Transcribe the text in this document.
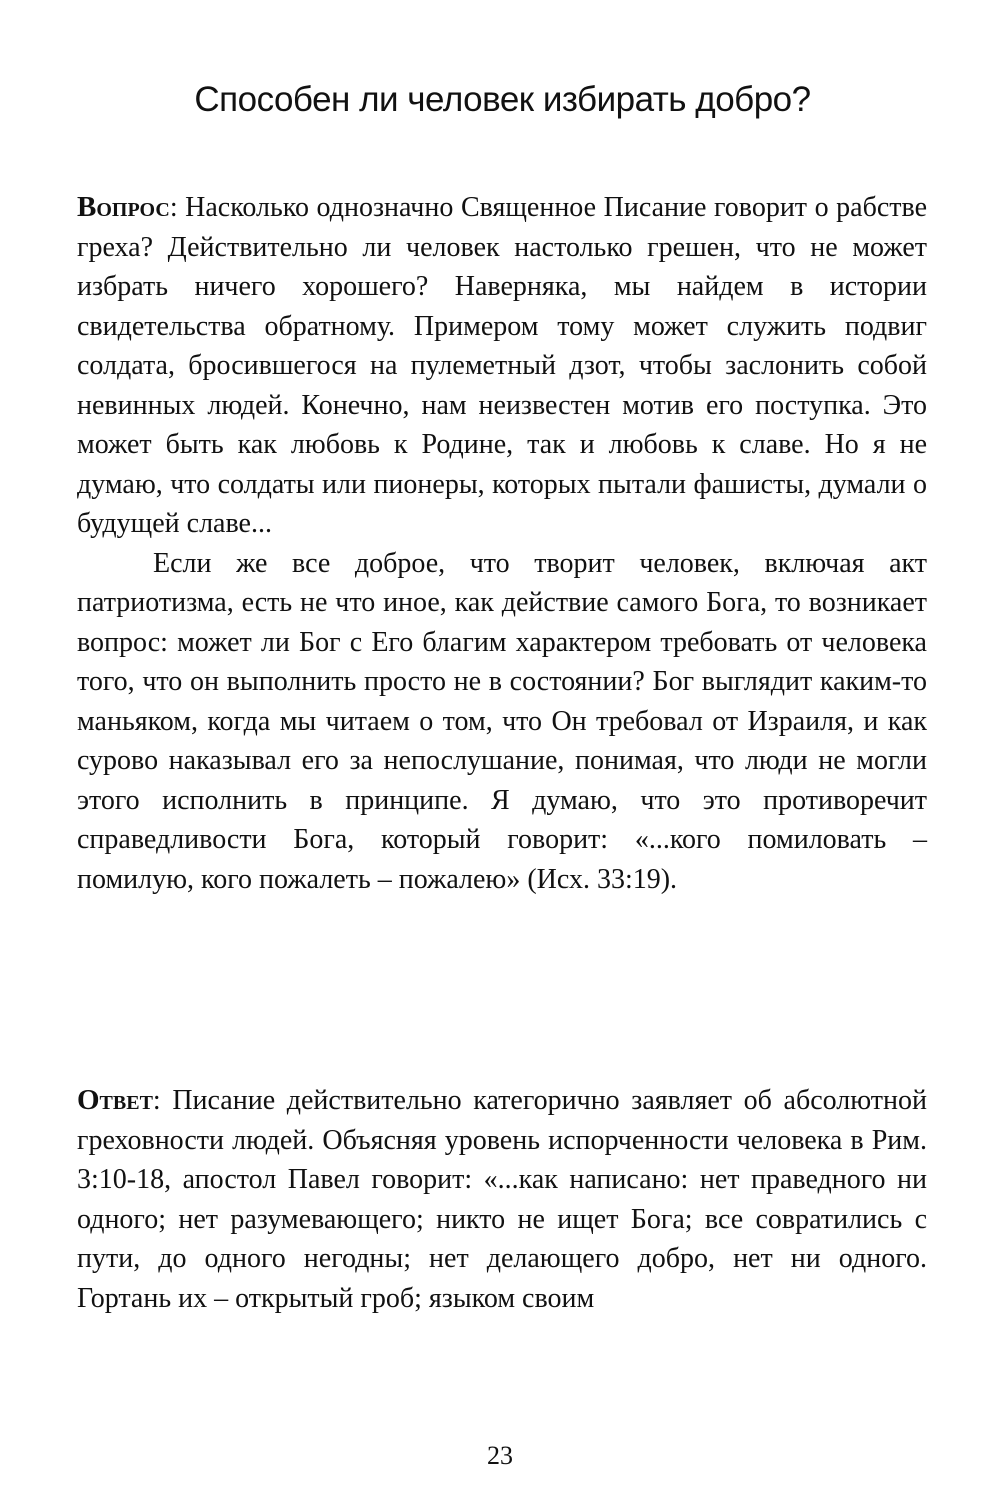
Способен ли человек избирать добро?

Вопрос: Насколько однозначно Священное Писание говорит о рабстве греха? Действительно ли человек настолько грешен, что не может избрать ничего хорошего? Наверняка, мы найдем в истории свидетельства обратному. Примером тому может служить подвиг солдата, бросившегося на пулеметный дзот, чтобы заслонить собой невинных людей. Конечно, нам неизвестен мотив его поступка. Это может быть как любовь к Родине, так и любовь к славе. Но я не думаю, что солдаты или пионеры, которых пытали фашисты, думали о будущей славе...

Если же все доброе, что творит человек, включая акт патриотизма, есть не что иное, как действие самого Бога, то возникает вопрос: может ли Бог с Его благим характером требовать от человека того, что он выполнить просто не в состоянии? Бог выглядит каким-то маньяком, когда мы читаем о том, что Он требовал от Израиля, и как сурово наказывал его за непослушание, понимая, что люди не могли этого исполнить в принципе. Я думаю, что это противоречит справедливости Бога, который говорит: «...кого помиловать – помилую, кого пожалеть – пожалею» (Исх. 33:19).

Ответ: Писание действительно категорично заявляет об абсолютной греховности людей. Объясняя уровень испорченности человека в Рим. 3:10-18, апостол Павел говорит: «...как написано: нет праведного ни одного; нет разумевающего; никто не ищет Бога; все совратились с пути, до одного негодны; нет делающего добро, нет ни одного. Гортань их – открытый гроб; языком своим

23
